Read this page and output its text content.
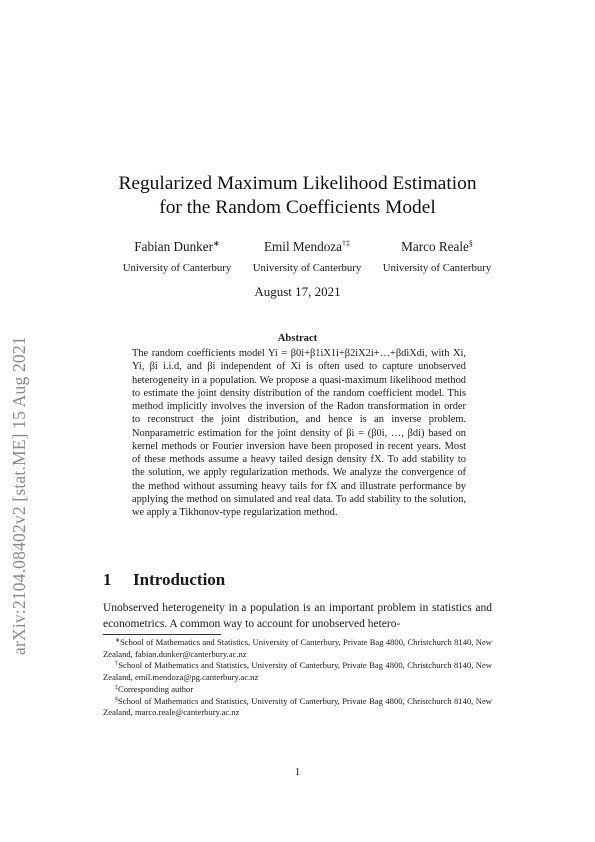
arXiv:2104.08402v2 [stat.ME] 15 Aug 2021
Regularized Maximum Likelihood Estimation
for the Random Coefficients Model
Fabian Dunker∗
University of Canterbury
Emil Mendoza†‡
University of Canterbury
Marco Reale§
University of Canterbury
August 17, 2021
Abstract

The random coefficients model Yi = β0i+β1iX1i+β2iX2i+…+βdiXdi, with Xi, Yi, βi i.i.d, and βi independent of Xi is often used to capture unobserved heterogeneity in a population. We propose a quasi-maximum likelihood method to estimate the joint density distribution of the random coefficient model. This method implicitly involves the inversion of the Radon transformation in order to reconstruct the joint distribution, and hence is an inverse problem. Nonparametric estimation for the joint density of βi = (β0i, …, βdi) based on kernel methods or Fourier inversion have been proposed in recent years. Most of these methods assume a heavy tailed design density fX. To add stability to the solution, we apply regularization methods. We analyze the convergence of the method without assuming heavy tails for fX and illustrate performance by applying the method on simulated and real data. To add stability to the solution, we apply a Tikhonov-type regularization method.

1 Introduction

Unobserved heterogeneity in a population is an important problem in statistics and econometrics. A common way to account for unobserved hetero-

∗School of Mathematics and Statistics, University of Canterbury, Private Bag 4800, Christchurch 8140, New Zealand, fabian.dunker@canterbury.ac.nz

†School of Mathematics and Statistics, University of Canterbury, Private Bag 4800, Christchurch 8140, New Zealand, emil.mendoza@pg.canterbury.ac.nz

‡Corresponding author

§School of Mathematics and Statistics, University of Canterbury, Private Bag 4800, Christchurch 8140, New Zealand, marco.reale@canterbury.ac.nz

1
